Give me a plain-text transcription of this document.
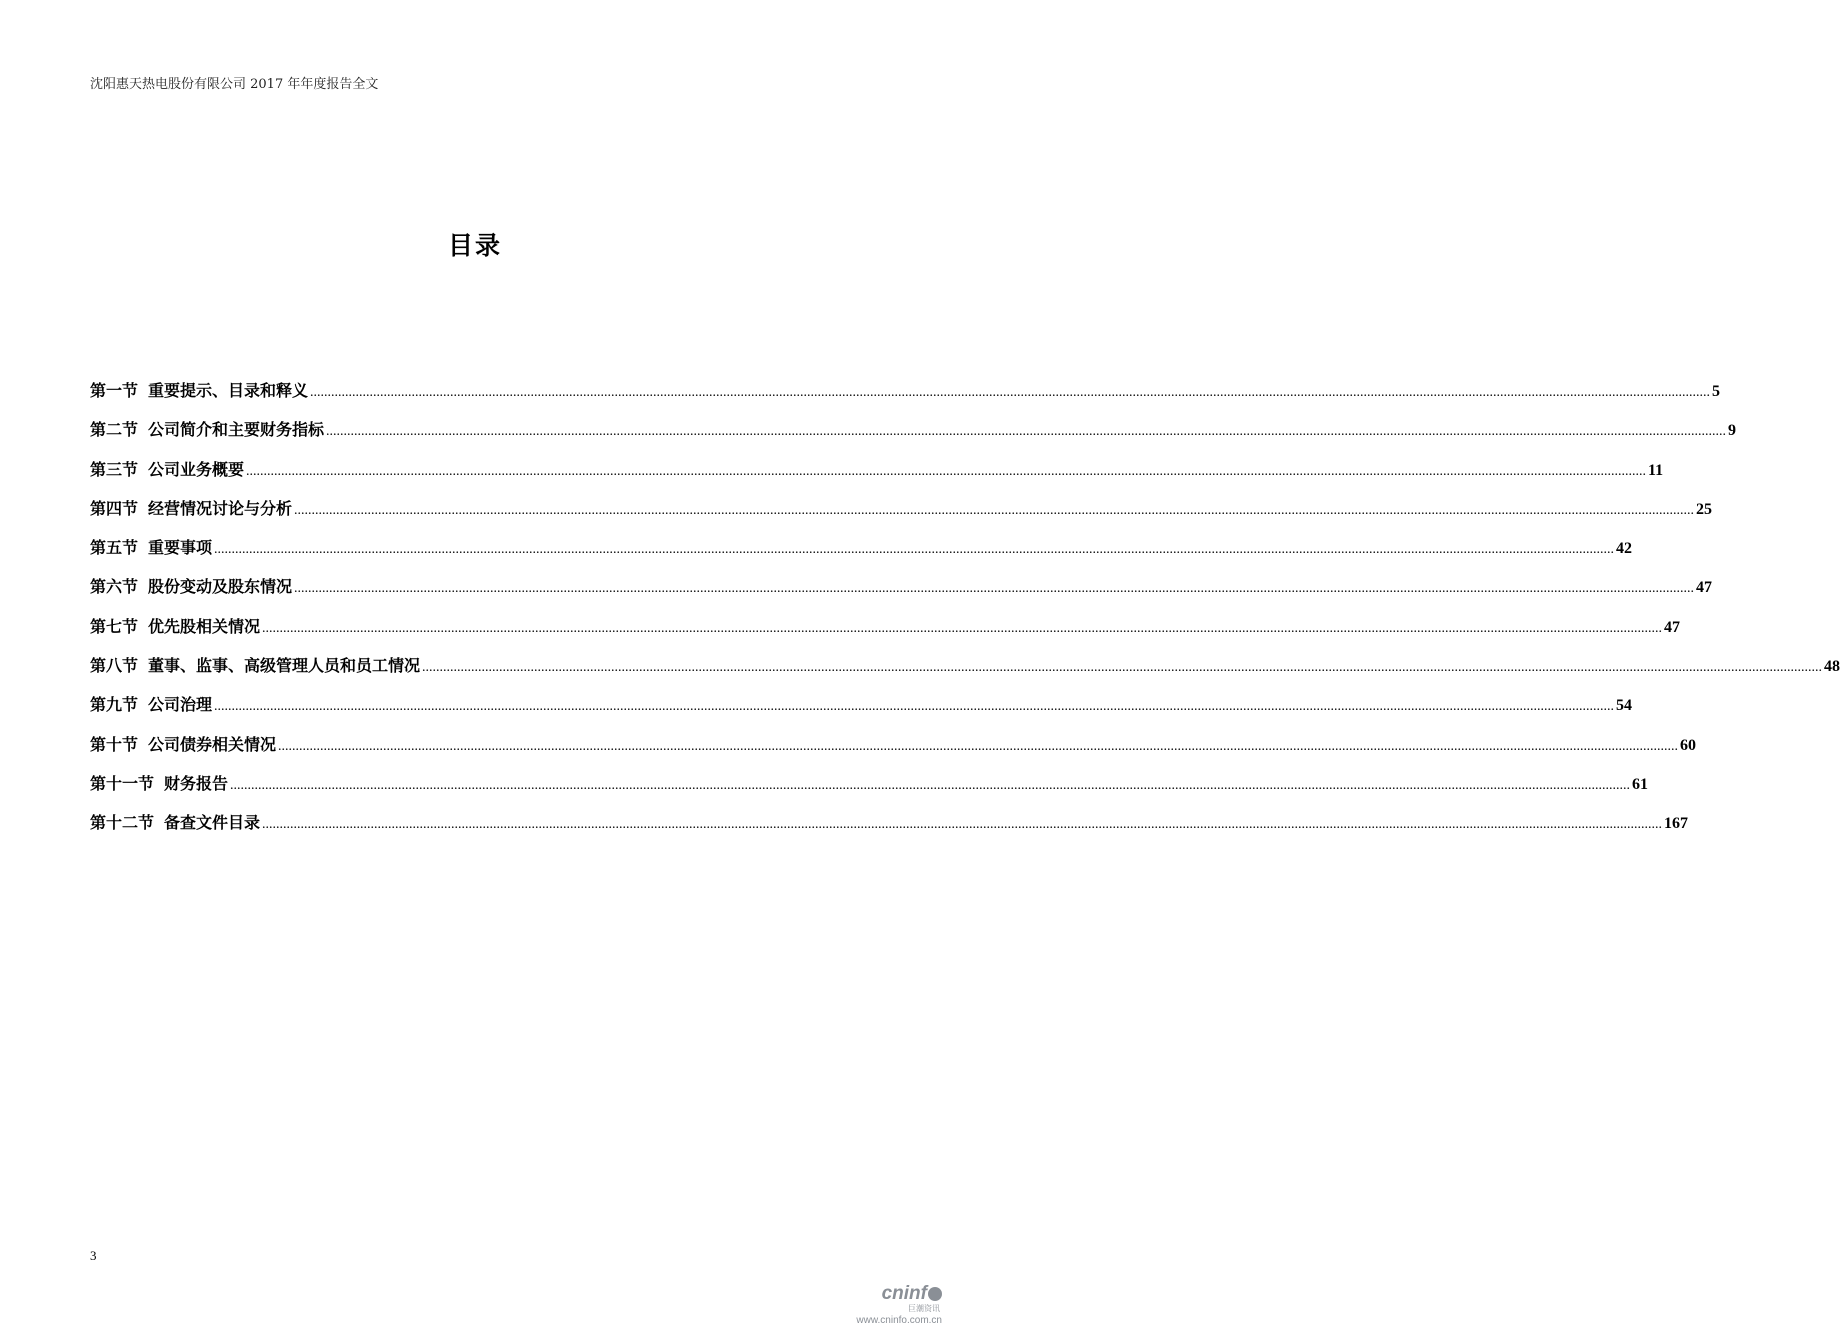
沈阳惠天热电股份有限公司 2017 年年度报告全文
目录
第一节 重要提示、目录和释义 ................................................................................................................................................................................................................................................................................................................................................................................................................ 5
第二节 公司简介和主要财务指标 ................................................................................................................................................................................................................................................................................................................................................................................................................ 9
第三节 公司业务概要 ................................................................................................................................................................................................................................................................................................................................................................................................................ 11
第四节 经营情况讨论与分析 ................................................................................................................................................................................................................................................................................................................................................................................................................ 25
第五节 重要事项 ................................................................................................................................................................................................................................................................................................................................................................................................................ 42
第六节 股份变动及股东情况 ................................................................................................................................................................................................................................................................................................................................................................................................................ 47
第七节 优先股相关情况 ................................................................................................................................................................................................................................................................................................................................................................................................................ 47
第八节 董事、监事、高级管理人员和员工情况 ................................................................................................................................................................................................................................................................................................................................................................................................................ 48
第九节 公司治理 ................................................................................................................................................................................................................................................................................................................................................................................................................ 54
第十节 公司债券相关情况 ................................................................................................................................................................................................................................................................................................................................................................................................................ 60
第十一节 财务报告 ................................................................................................................................................................................................................................................................................................................................................................................................................ 61
第十二节 备查文件目录 ................................................................................................................................................................................................................................................................................................................................................................................................................ 167
3
cninf
巨潮资讯
www.cninfo.com.cn
